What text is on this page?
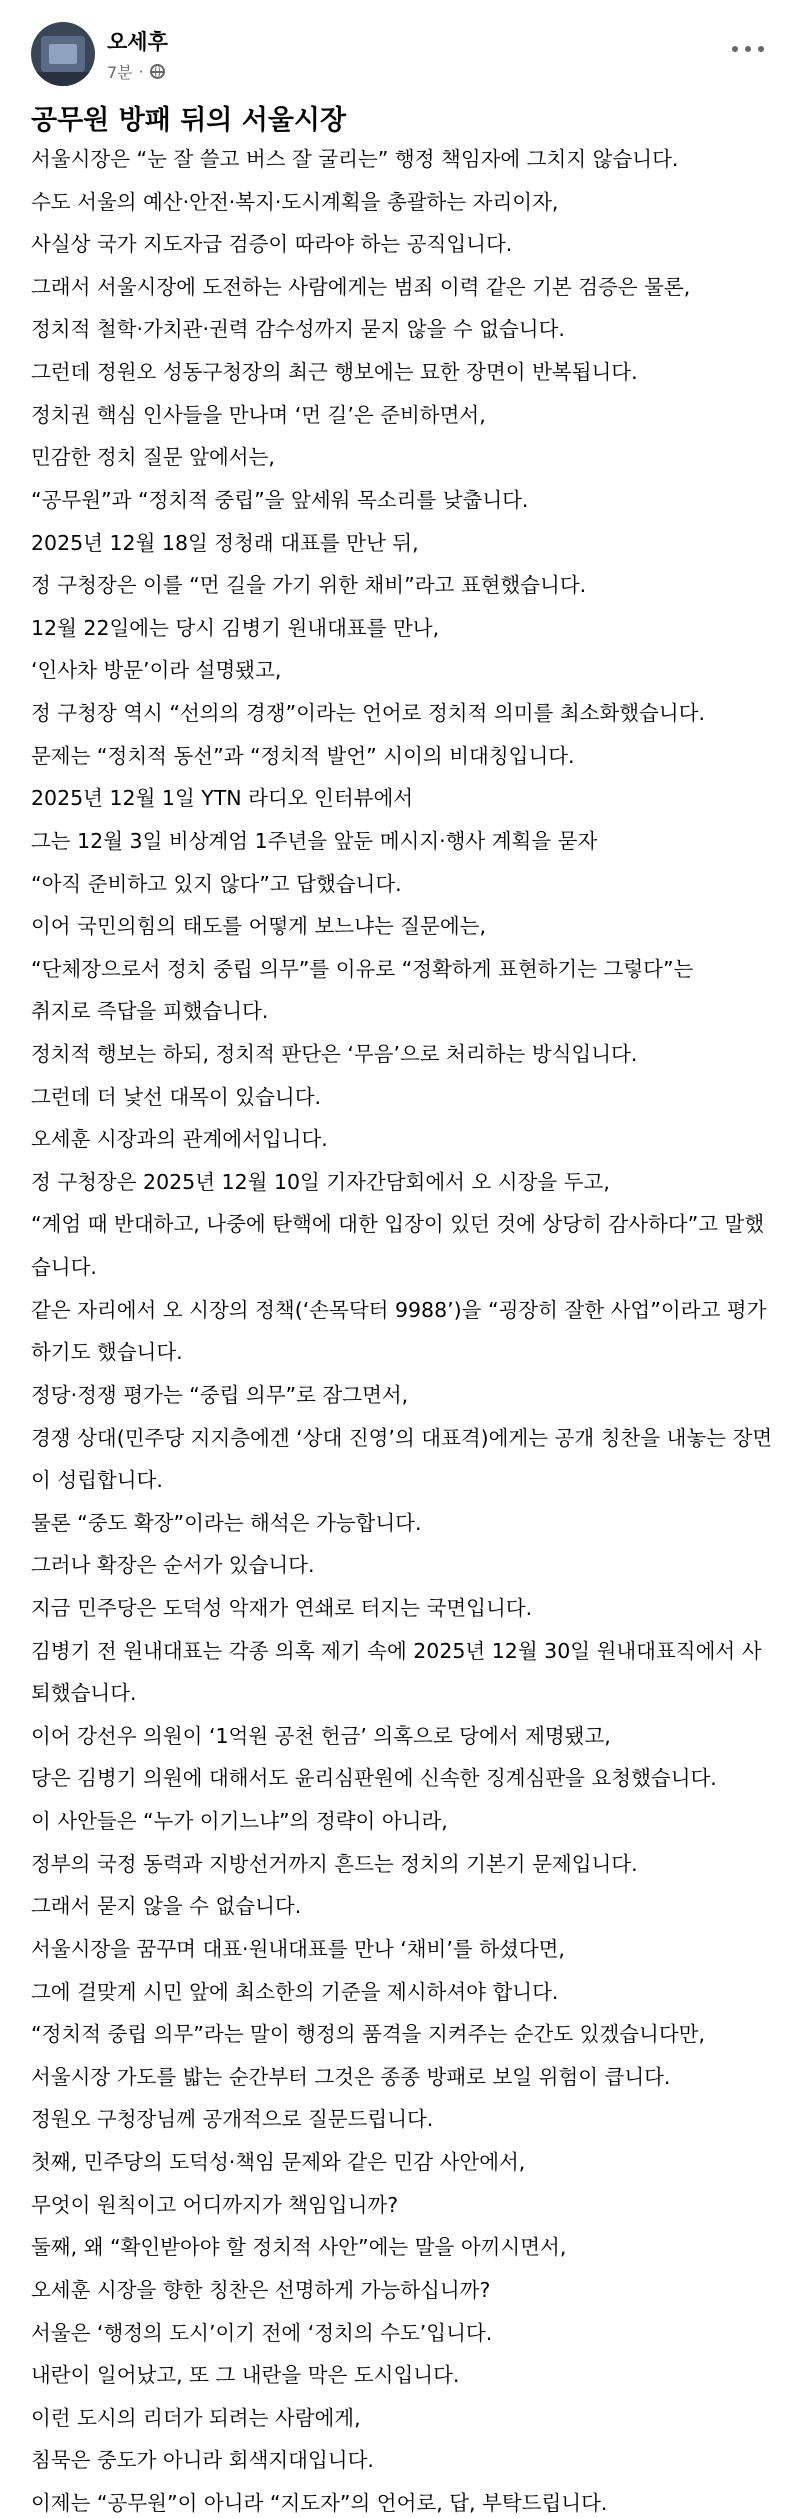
오세후
7분 ·
공무원 방패 뒤의 서울시장
서울시장은 “눈 잘 쓸고 버스 잘 굴리는” 행정 책임자에 그치지 않습니다.
수도 서울의 예산·안전·복지·도시계획을 총괄하는 자리이자,
사실상 국가 지도자급 검증이 따라야 하는 공직입니다.
그래서 서울시장에 도전하는 사람에게는 범죄 이력 같은 기본 검증은 물론,
정치적 철학·가치관·권력 감수성까지 묻지 않을 수 없습니다.
그런데 정원오 성동구청장의 최근 행보에는 묘한 장면이 반복됩니다.
정치권 핵심 인사들을 만나며 ‘먼 길’은 준비하면서,
민감한 정치 질문 앞에서는,
“공무원”과 “정치적 중립”을 앞세워 목소리를 낮춥니다.
2025년 12월 18일 정청래 대표를 만난 뒤,
정 구청장은 이를 “먼 길을 가기 위한 채비”라고 표현했습니다.
12월 22일에는 당시 김병기 원내대표를 만나,
‘인사차 방문’이라 설명됐고,
정 구청장 역시 “선의의 경쟁”이라는 언어로 정치적 의미를 최소화했습니다.
문제는 “정치적 동선”과 “정치적 발언” 시이의 비대칭입니다.
2025년 12월 1일 YTN 라디오 인터뷰에서
그는 12월 3일 비상계엄 1주년을 앞둔 메시지·행사 계획을 묻자
“아직 준비하고 있지 않다”고 답했습니다.
이어 국민의힘의 태도를 어떻게 보느냐는 질문에는,
“단체장으로서 정치 중립 의무”를 이유로 “정확하게 표현하기는 그렇다”는
취지로 즉답을 피했습니다.
정치적 행보는 하되, 정치적 판단은 ‘무음’으로 처리하는 방식입니다.
그런데 더 낯선 대목이 있습니다.
오세훈 시장과의 관계에서입니다.
정 구청장은 2025년 12월 10일 기자간담회에서 오 시장을 두고,
“계엄 때 반대하고, 나중에 탄핵에 대한 입장이 있던 것에 상당히 감사하다”고 말했
습니다.
같은 자리에서 오 시장의 정책(‘손목닥터 9988’)을 “굉장히 잘한 사업”이라고 평가
하기도 했습니다.
정당·정쟁 평가는 “중립 의무”로 잠그면서,
경쟁 상대(민주당 지지층에겐 ‘상대 진영’의 대표격)에게는 공개 칭찬을 내놓는 장면
이 성립합니다.
물론 “중도 확장”이라는 해석은 가능합니다.
그러나 확장은 순서가 있습니다.
지금 민주당은 도덕성 악재가 연쇄로 터지는 국면입니다.
김병기 전 원내대표는 각종 의혹 제기 속에 2025년 12월 30일 원내대표직에서 사
퇴했습니다.
이어 강선우 의원이 ‘1억원 공천 헌금’ 의혹으로 당에서 제명됐고,
당은 김병기 의원에 대해서도 윤리심판원에 신속한 징계심판을 요청했습니다.
이 사안들은 “누가 이기느냐”의 정략이 아니라,
정부의 국정 동력과 지방선거까지 흔드는 정치의 기본기 문제입니다.
그래서 묻지 않을 수 없습니다.
서울시장을 꿈꾸며 대표·원내대표를 만나 ‘채비’를 하셨다면,
그에 걸맞게 시민 앞에 최소한의 기준을 제시하셔야 합니다.
“정치적 중립 의무”라는 말이 행정의 품격을 지켜주는 순간도 있겠습니다만,
서울시장 가도를 밟는 순간부터 그것은 종종 방패로 보일 위험이 큽니다.
정원오 구청장님께 공개적으로 질문드립니다.
첫째, 민주당의 도덕성·책임 문제와 같은 민감 사안에서,
무엇이 원칙이고 어디까지가 책임입니까?
둘째, 왜 “확인받아야 할 정치적 사안”에는 말을 아끼시면서,
오세훈 시장을 향한 칭찬은 선명하게 가능하십니까?
서울은 ‘행정의 도시’이기 전에 ‘정치의 수도’입니다.
내란이 일어났고, 또 그 내란을 막은 도시입니다.
이런 도시의 리더가 되려는 사람에게,
침묵은 중도가 아니라 회색지대입니다.
이제는 “공무원”이 아니라 “지도자”의 언어로, 답, 부탁드립니다.
